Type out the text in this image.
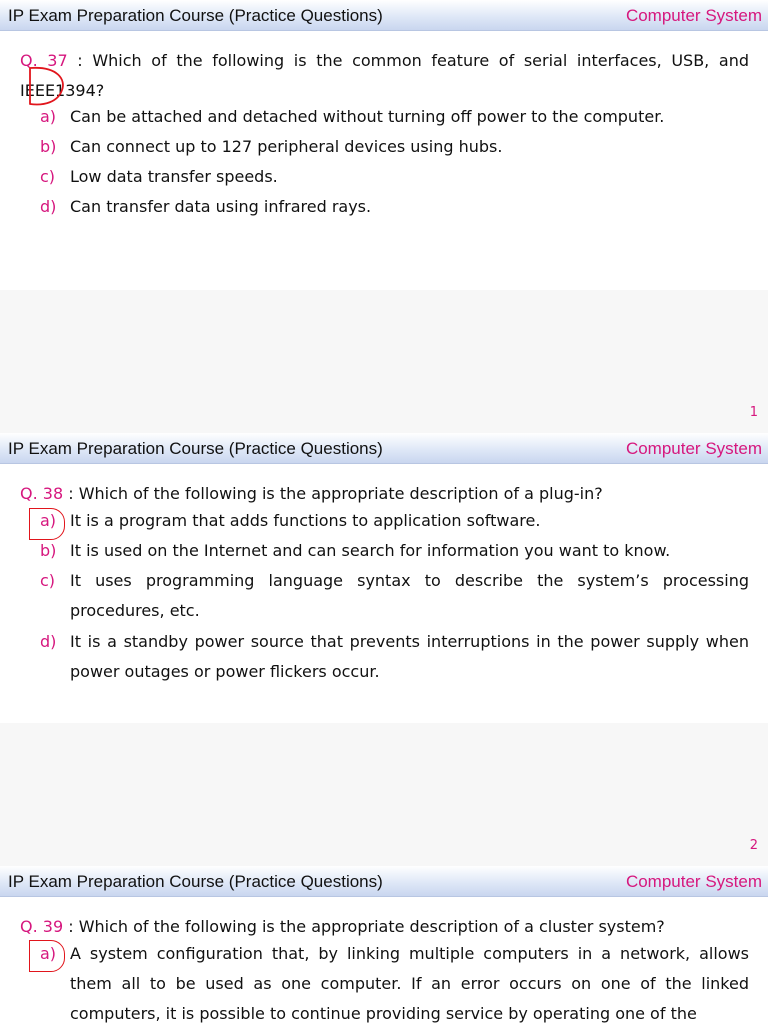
IP Exam Preparation Course (Practice Questions)	Computer System
Q. 37 : Which of the following is the common feature of serial interfaces, USB, and IEEE1394?
a) Can be attached and detached without turning off power to the computer.
b) Can connect up to 127 peripheral devices using hubs.
c) Low data transfer speeds.
d) Can transfer data using infrared rays.
1
IP Exam Preparation Course (Practice Questions)	Computer System
Q. 38 : Which of the following is the appropriate description of a plug-in?
a) It is a program that adds functions to application software.
b) It is used on the Internet and can search for information you want to know.
c) It uses programming language syntax to describe the system’s processing procedures, etc.
d) It is a standby power source that prevents interruptions in the power supply when power outages or power flickers occur.
2
IP Exam Preparation Course (Practice Questions)	Computer System
Q. 39 : Which of the following is the appropriate description of a cluster system?
a) A system configuration that, by linking multiple computers in a network, allows them all to be used as one computer. If an error occurs on one of the linked computers, it is possible to continue providing service by operating one of the
